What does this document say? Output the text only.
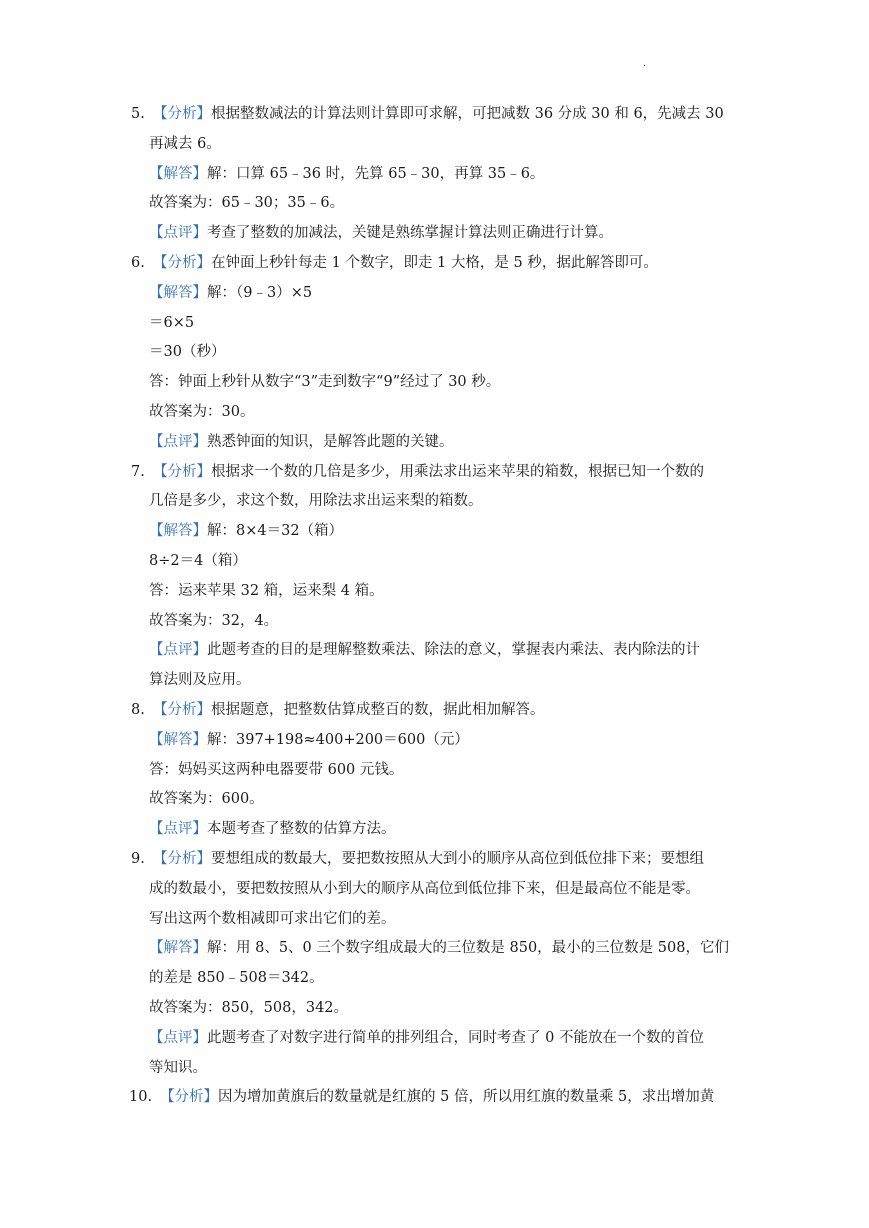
.
5. 【分析】根据整数减法的计算法则计算即可求解，可把减数 36 分成 30 和 6，先减去 30
再减去 6。
【解答】解：口算 65﹣36 时，先算 65﹣30，再算 35﹣6。
故答案为：65﹣30；35﹣6。
【点评】考查了整数的加减法，关键是熟练掌握计算法则正确进行计算。
6. 【分析】在钟面上秒针每走 1 个数字，即走 1 大格，是 5 秒，据此解答即可。
【解答】解：（9﹣3）×5
＝6×5
＝30（秒）
答：钟面上秒针从数字“3”走到数字“9”经过了 30 秒。
故答案为：30。
【点评】熟悉钟面的知识，是解答此题的关键。
7. 【分析】根据求一个数的几倍是多少，用乘法求出运来苹果的箱数，根据已知一个数的
几倍是多少，求这个数，用除法求出运来梨的箱数。
【解答】解：8×4＝32（箱）
8÷2＝4（箱）
答：运来苹果 32 箱，运来梨 4 箱。
故答案为：32，4。
【点评】此题考查的目的是理解整数乘法、除法的意义，掌握表内乘法、表内除法的计
算法则及应用。
8. 【分析】根据题意，把整数估算成整百的数，据此相加解答。
【解答】解：397+198≈400+200＝600（元）
答：妈妈买这两种电器要带 600 元钱。
故答案为：600。
【点评】本题考查了整数的估算方法。
9. 【分析】要想组成的数最大，要把数按照从大到小的顺序从高位到低位排下来；要想组
成的数最小，要把数按照从小到大的顺序从高位到低位排下来，但是最高位不能是零。
写出这两个数相减即可求出它们的差。
【解答】解：用 8、5、0 三个数字组成最大的三位数是 850，最小的三位数是 508，它们
的差是 850﹣508＝342。
故答案为：850，508，342。
【点评】此题考查了对数字进行简单的排列组合，同时考查了 0 不能放在一个数的首位
等知识。
10. 【分析】因为增加黄旗后的数量就是红旗的 5 倍，所以用红旗的数量乘 5，求出增加黄
